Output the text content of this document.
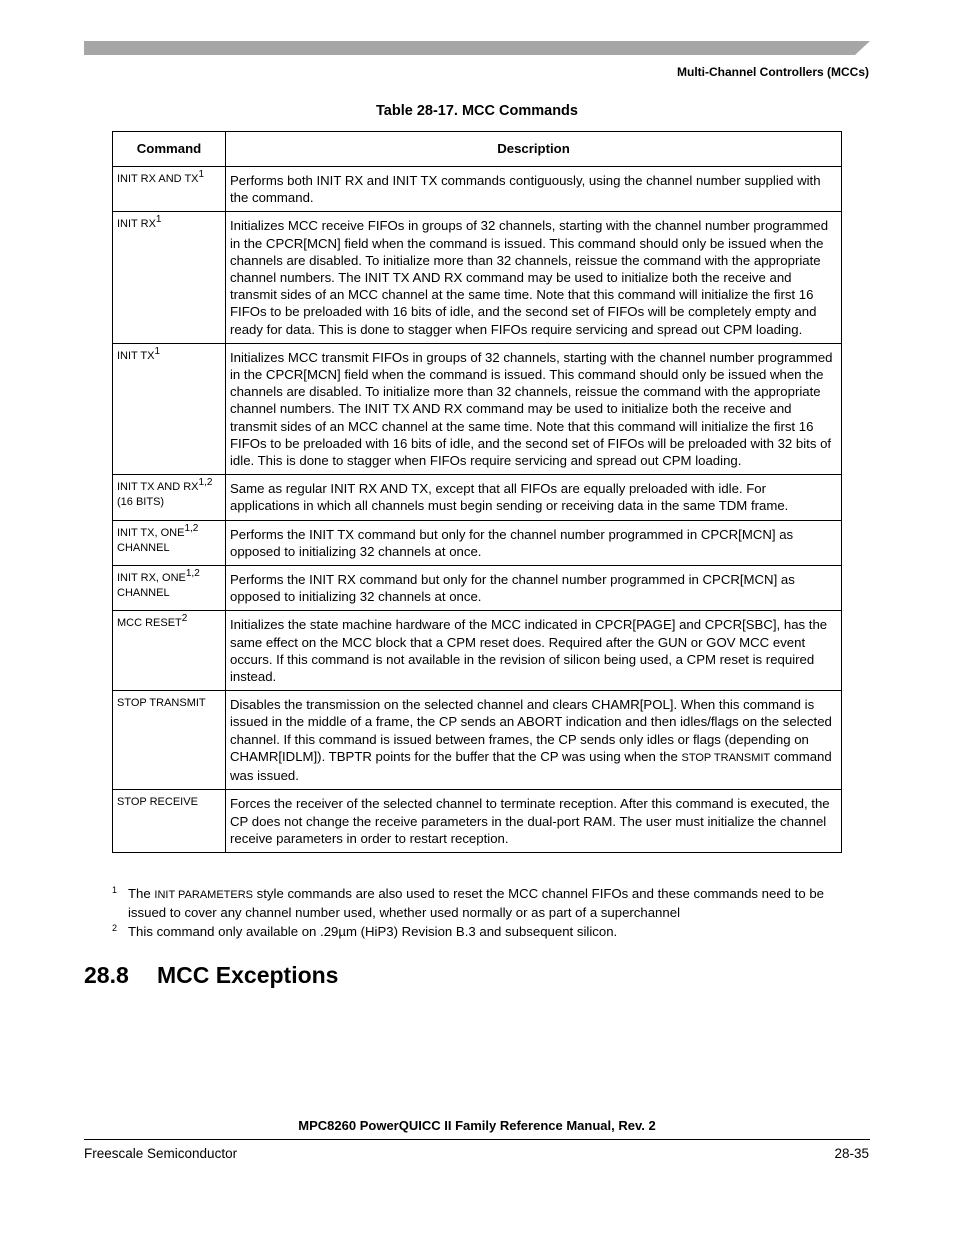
Multi-Channel Controllers (MCCs)
Table 28-17. MCC Commands
Command	Description
INIT RX AND TX1	Performs both INIT RX and INIT TX commands contiguously, using the channel number supplied with the command.
INIT RX1	Initializes MCC receive FIFOs in groups of 32 channels, starting with the channel number programmed in the CPCR[MCN] field when the command is issued. This command should only be issued when the channels are disabled. To initialize more than 32 channels, reissue the command with the appropriate channel numbers. The INIT TX AND RX command may be used to initialize both the receive and transmit sides of an MCC channel at the same time. Note that this command will initialize the first 16 FIFOs to be preloaded with 16 bits of idle, and the second set of FIFOs will be completely empty and ready for data. This is done to stagger when FIFOs require servicing and spread out CPM loading.
INIT TX1	Initializes MCC transmit FIFOs in groups of 32 channels, starting with the channel number programmed in the CPCR[MCN] field when the command is issued. This command should only be issued when the channels are disabled. To initialize more than 32 channels, reissue the command with the appropriate channel numbers. The INIT TX AND RX command may be used to initialize both the receive and transmit sides of an MCC channel at the same time. Note that this command will initialize the first 16 FIFOs to be preloaded with 16 bits of idle, and the second set of FIFOs will be preloaded with 32 bits of idle. This is done to stagger when FIFOs require servicing and spread out CPM loading.
INIT TX AND RX1,2
(16 BITS)	Same as regular INIT RX AND TX, except that all FIFOs are equally preloaded with idle. For applications in which all channels must begin sending or receiving data in the same TDM frame.
INIT TX, ONE1,2
CHANNEL	Performs the INIT TX command but only for the channel number programmed in CPCR[MCN] as opposed to initializing 32 channels at once.
INIT RX, ONE1,2
CHANNEL	Performs the INIT RX command but only for the channel number programmed in CPCR[MCN] as opposed to initializing 32 channels at once.
MCC RESET2	Initializes the state machine hardware of the MCC indicated in CPCR[PAGE] and CPCR[SBC], has the same effect on the MCC block that a CPM reset does. Required after the GUN or GOV MCC event occurs. If this command is not available in the revision of silicon being used, a CPM reset is required instead.
STOP TRANSMIT	Disables the transmission on the selected channel and clears CHAMR[POL]. When this command is issued in the middle of a frame, the CP sends an ABORT indication and then idles/flags on the selected channel. If this command is issued between frames, the CP sends only idles or flags (depending on CHAMR[IDLM]). TBPTR points for the buffer that the CP was using when the STOP TRANSMIT command was issued.
STOP RECEIVE	Forces the receiver of the selected channel to terminate reception. After this command is executed, the CP does not change the receive parameters in the dual-port RAM. The user must initialize the channel receive parameters in order to restart reception.
1 The INIT PARAMETERS style commands are also used to reset the MCC channel FIFOs and these commands need to be issued to cover any channel number used, whether used normally or as part of a superchannel
2 This command only available on .29µm (HiP3) Revision B.3 and subsequent silicon.
28.8 MCC Exceptions
MPC8260 PowerQUICC II Family Reference Manual, Rev. 2
Freescale Semiconductor	28-35
